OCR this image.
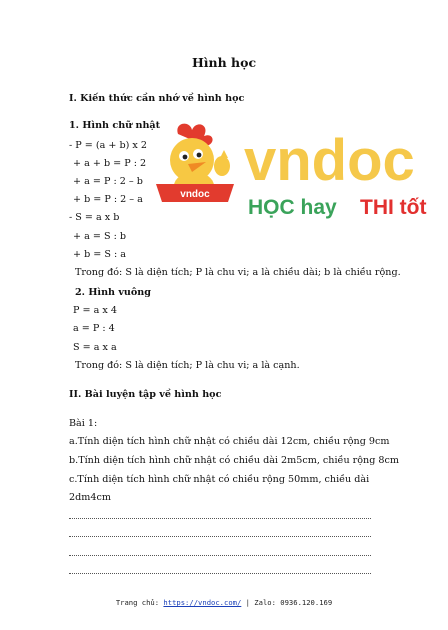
Hình học
vndoc
vndoc
HỌC hay THI tốt
I. Kiến thức cần nhớ về hình học
1. Hình chữ nhật
- P = (a + b) x 2
+ a + b = P : 2
+ a = P : 2 – b
+ b = P : 2 – a
- S = a x b
+ a = S : b
+ b = S : a
Trong đó: S là diện tích; P là chu vi; a là chiều dài; b là chiều rộng.
2. Hình vuông
P = a x 4
a = P : 4
S = a x a
Trong đó: S là diện tích; P là chu vi; a là cạnh.
II. Bài luyện tập về hình học
Bài 1:
a.Tính diện tích hình chữ nhật có chiều dài 12cm, chiều rộng 9cm
b.Tính diện tích hình chữ nhật có chiều dài 2m5cm, chiều rộng 8cm
c.Tính diện tích hình chữ nhật có chiều rộng 50mm, chiều dài
2dm4cm
Trang chủ: https://vndoc.com/ | Zalo: 0936.120.169
